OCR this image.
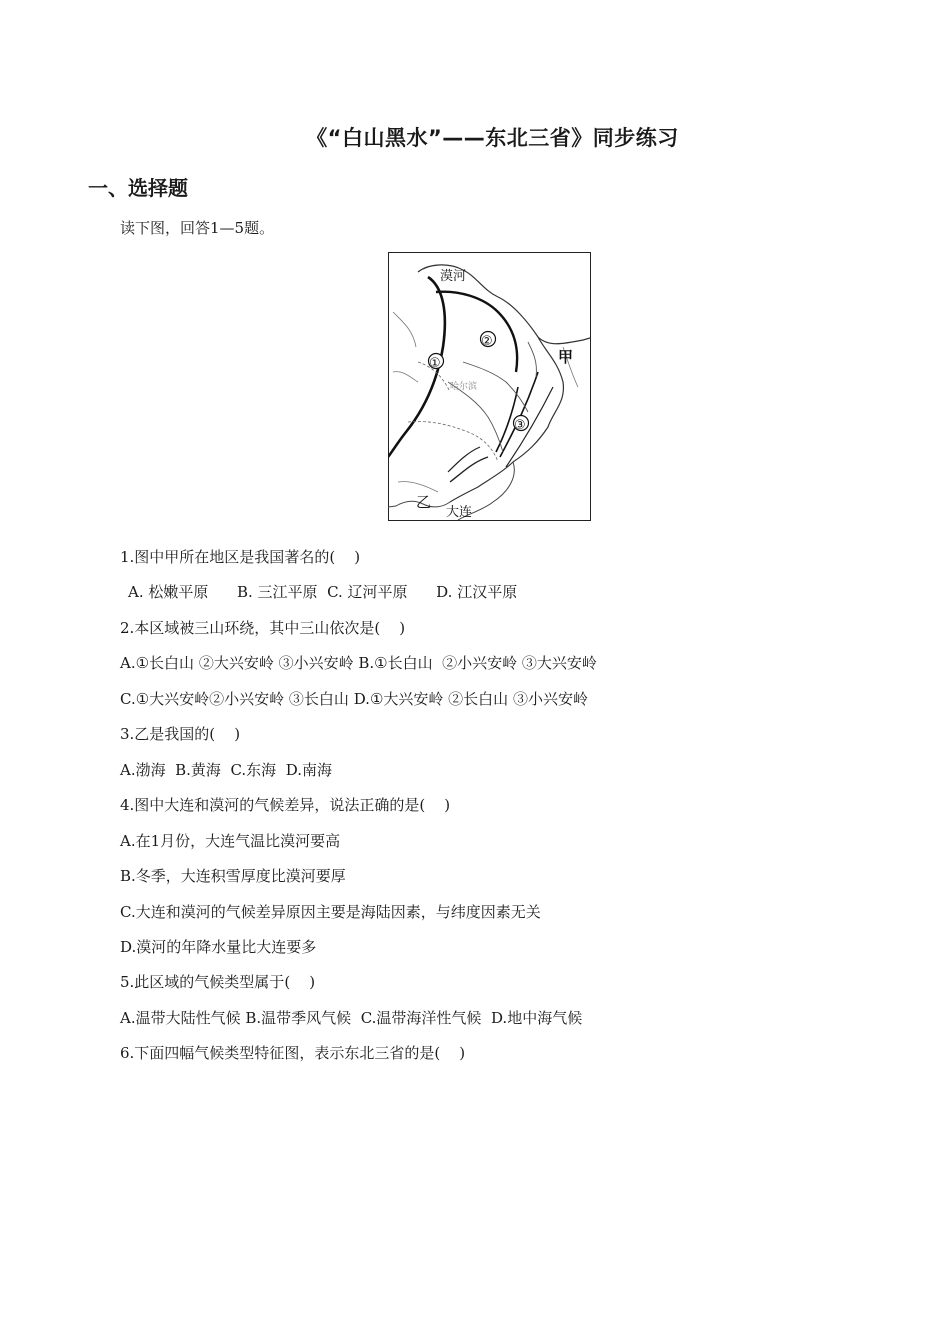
《“白山黑水”——东北三省》同步练习
一、选择题
读下图，回答1—5题。
漠河
甲
乙
大连
哈尔滨
①
②
③
1.图中甲所在地区是我国著名的(    )
A. 松嫩平原      B. 三江平原  C. 辽河平原      D. 江汉平原
2.本区域被三山环绕，其中三山依次是(    )
A.①长白山 ②大兴安岭 ③小兴安岭 B.①长白山  ②小兴安岭 ③大兴安岭
C.①大兴安岭②小兴安岭 ③长白山 D.①大兴安岭 ②长白山 ③小兴安岭
3.乙是我国的(    )
A.渤海  B.黄海  C.东海  D.南海
4.图中大连和漠河的气候差异，说法正确的是(    )
A.在1月份，大连气温比漠河要高
B.冬季，大连积雪厚度比漠河要厚
C.大连和漠河的气候差异原因主要是海陆因素，与纬度因素无关
D.漠河的年降水量比大连要多
5.此区域的气候类型属于(    )
A.温带大陆性气候 B.温带季风气候  C.温带海洋性气候  D.地中海气候
6.下面四幅气候类型特征图，表示东北三省的是(    )
